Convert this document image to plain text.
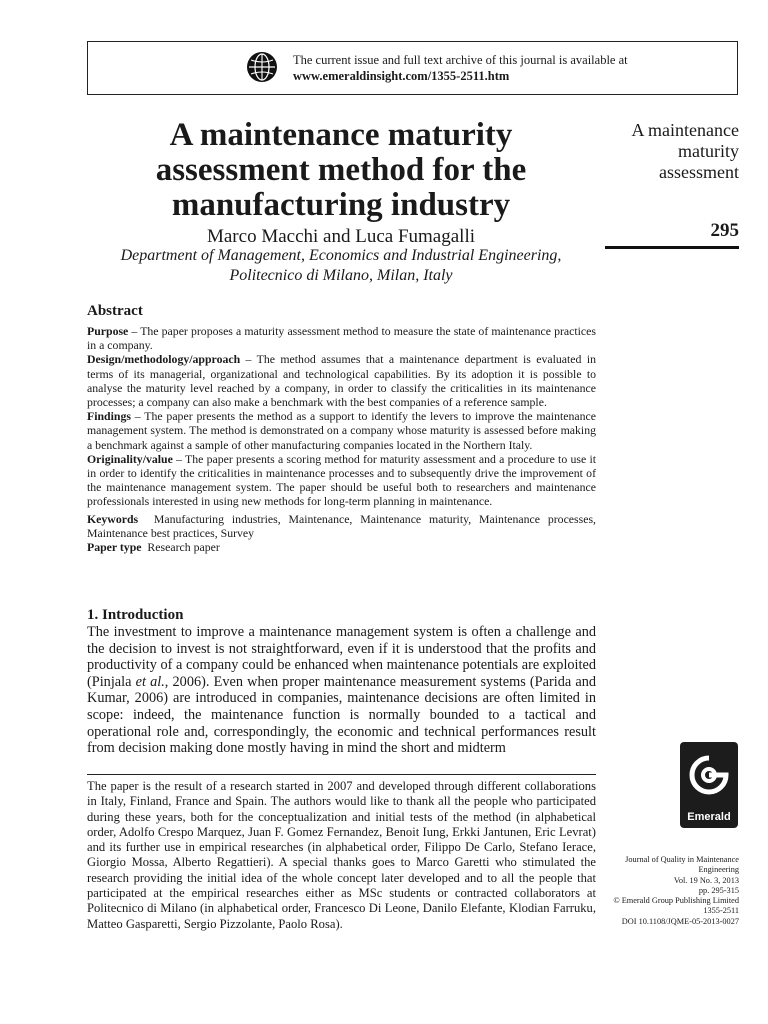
The current issue and full text archive of this journal is available at
www.emeraldinsight.com/1355-2511.htm
A maintenance maturity assessment method for the manufacturing industry
Marco Macchi and Luca Fumagalli
Department of Management, Economics and Industrial Engineering,
Politecnico di Milano, Milan, Italy
A maintenance maturity assessment
295

Abstract

Purpose – The paper proposes a maturity assessment method to measure the state of maintenance practices in a company.

Design/methodology/approach – The method assumes that a maintenance department is evaluated in terms of its managerial, organizational and technological capabilities. By its adoption it is possible to analyse the maturity level reached by a company, in order to classify the criticalities in its maintenance processes; a company can also make a benchmark with the best companies of a reference sample.

Findings – The paper presents the method as a support to identify the levers to improve the maintenance management system. The method is demonstrated on a company whose maturity is assessed before making a benchmark against a sample of other manufacturing companies located in the Northern Italy.

Originality/value – The paper presents a scoring method for maturity assessment and a procedure to use it in order to identify the criticalities in maintenance processes and to subsequently drive the improvement of the maintenance management system. The paper should be useful both to researchers and maintenance professionals interested in using new methods for long-term planning in maintenance.

Keywords Manufacturing industries, Maintenance, Maintenance maturity, Maintenance processes, Maintenance best practices, Survey

Paper type Research paper

1. Introduction

The investment to improve a maintenance management system is often a challenge and the decision to invest is not straightforward, even if it is understood that the profits and productivity of a company could be enhanced when maintenance potentials are exploited (Pinjala et al., 2006). Even when proper maintenance measurement systems (Parida and Kumar, 2006) are introduced in companies, maintenance decisions are often limited in scope: indeed, the maintenance function is normally bounded to a tactical and operational role and, correspondingly, the economic and technical performances result from decision making done mostly having in mind the short and midterm

The paper is the result of a research started in 2007 and developed through different collaborations in Italy, Finland, France and Spain. The authors would like to thank all the people who participated during these years, both for the conceptualization and initial tests of the method (in alphabetical order, Adolfo Crespo Marquez, Juan F. Gomez Fernandez, Benoit Iung, Erkki Jantunen, Eric Levrat) and its further use in empirical researches (in alphabetical order, Filippo De Carlo, Stefano Ierace, Giorgio Mossa, Alberto Regattieri). A special thanks goes to Marco Garetti who stimulated the research providing the initial idea of the whole concept later developed and to all the people that participated at the empirical researches either as MSc students or contracted collaborators at Politecnico di Milano (in alphabetical order, Francesco Di Leone, Danilo Elefante, Klodian Farruku, Matteo Gasparetti, Sergio Pizzolante, Paolo Rosa).

Emerald
Journal of Quality in Maintenance Engineering
Vol. 19 No. 3, 2013
pp. 295-315
© Emerald Group Publishing Limited
1355-2511
DOI 10.1108/JQME-05-2013-0027
